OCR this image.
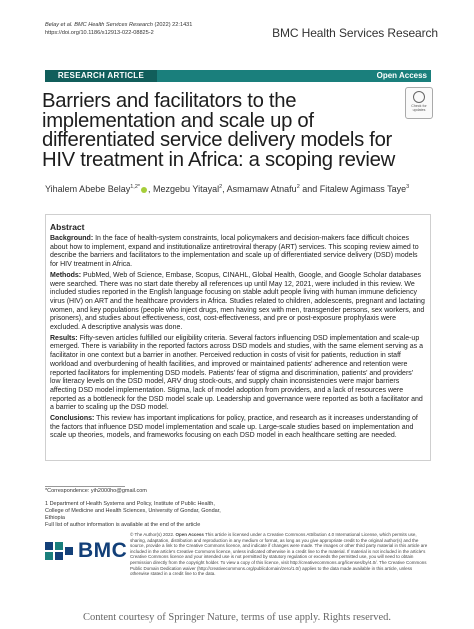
Belay et al. BMC Health Services Research (2022) 22:1431
https://doi.org/10.1186/s12913-022-08825-2	BMC Health Services Research
RESEARCH ARTICLE	Open Access
Check for updates
Barriers and facilitators to the implementation and scale up of differentiated service delivery models for HIV treatment in Africa: a scoping review
Yihalem Abebe Belay$^{1,2*}$ , Mezgebu Yitayal$^2$, Asmamaw Atnafu$^2$ and Fitalew Agimass Taye$^3$
Abstract

Background: In the face of health-system constraints, local policymakers and decision-makers face difficult choices about how to implement, expand and institutionalize antiretroviral therapy (ART) services. This scoping review aimed to describe the barriers and facilitators to the implementation and scale up of differentiated service delivery (DSD) models for HIV treatment in Africa.

Methods: PubMed, Web of Science, Embase, Scopus, CINAHL, Global Health, Google, and Google Scholar databases were searched. There was no start date thereby all references up until May 12, 2021, were included in this review. We included studies reported in the English language focusing on stable adult people living with human immune deficiency virus (HIV) on ART and the healthcare providers in Africa. Studies related to children, adolescents, pregnant and lactating women, and key populations (people who inject drugs, men having sex with men, transgender persons, sex workers, and prisoners), and studies about effectiveness, cost, cost-effectiveness, and pre or post-exposure prophylaxis were excluded. A descriptive analysis was done.

Results: Fifty-seven articles fulfilled our eligibility criteria. Several factors influencing DSD implementation and scale-up emerged. There is variability in the reported factors across DSD models and studies, with the same element serving as a facilitator in one context but a barrier in another. Perceived reduction in costs of visit for patients, reduction in staff workload and overburdening of health facilities, and improved or maintained patients' adherence and retention were reported facilitators for implementing DSD models. Patients' fear of stigma and discrimination, patients' and providers' low literacy levels on the DSD model, ARV drug stock-outs, and supply chain inconsistencies were major barriers affecting DSD model implementation. Stigma, lack of model adoption from providers, and a lack of resources were reported as a bottleneck for the DSD model scale up. Leadership and governance were reported as both a facilitator and a barrier to scaling up the DSD model.

Conclusions: This review has important implications for policy, practice, and research as it increases understanding of the factors that influence DSD model implementation and scale up. Large-scale studies based on implementation and scale up theories, models, and frameworks focusing on each DSD model in each healthcare setting are needed.

*Correspondence: yih2000ho@gmail.com
1 Department of Health Systems and Policy, Institute of Public Health, College of Medicine and Health Sciences, University of Gondar, Gondar, Ethiopia
Full list of author information is available at the end of the article
BMC
© The Author(s) 2022. Open Access This article is licensed under a Creative Commons Attribution 4.0 International License, which permits use, sharing, adaptation, distribution and reproduction in any medium or format, as long as you give appropriate credit to the original author(s) and the source, provide a link to the Creative Commons licence, and indicate if changes were made. The images or other third party material in this article are included in the article's Creative Commons licence, unless indicated otherwise in a credit line to the material. If material is not included in the article's Creative Commons licence and your intended use is not permitted by statutory regulation or exceeds the permitted use, you will need to obtain permission directly from the copyright holder. To view a copy of this licence, visit http://creativecommons.org/licenses/by/4.0/. The Creative Commons Public Domain Dedication waiver (http://creativecommons.org/publicdomain/zero/1.0/) applies to the data made available in this article, unless otherwise stated in a credit line to the data.
Content courtesy of Springer Nature, terms of use apply. Rights reserved.
